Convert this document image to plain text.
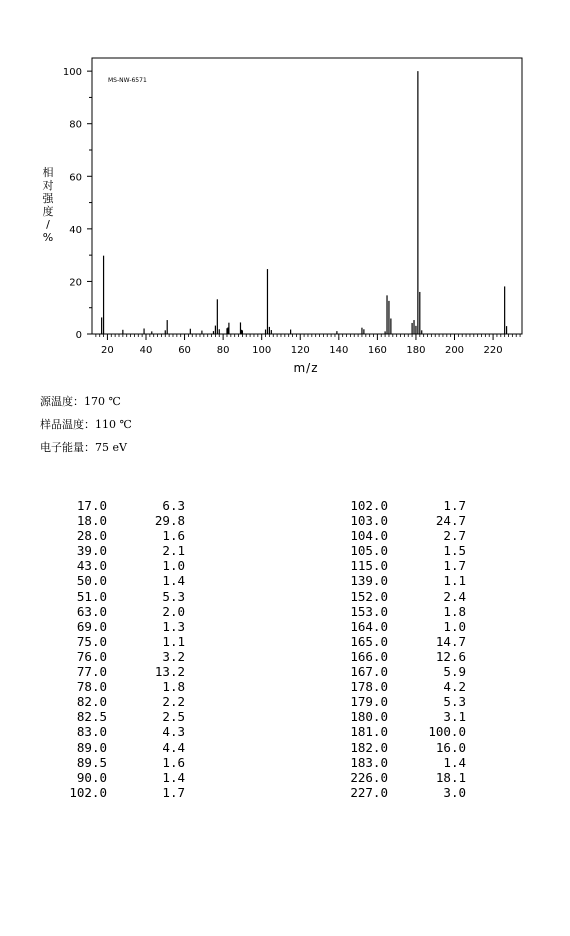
0
20
40
60
80
100
20	40	60	80 100 120 140 160 180 200 220
MS-NW-6571
m/z
相对强度/ %
源温度：170 ℃
样品温度：110 ℃
电子能量：75 eV
17.0	6.3
18.0	29.8
28.0	1.6
39.0	2.1
43.0	1.0
50.0	1.4
51.0	5.3
63.0	2.0
69.0	1.3
75.0	1.1
76.0	3.2
77.0	13.2
78.0	1.8
82.0	2.2
82.5	2.5
83.0	4.3
89.0	4.4
89.5	1.6
90.0	1.4
102.0	1.7
102.0	1.7
103.0	24.7
104.0	2.7
105.0	1.5
115.0	1.7
139.0	1.1
152.0	2.4
153.0	1.8
164.0	1.0
165.0	14.7
166.0	12.6
167.0	5.9
178.0	4.2
179.0	5.3
180.0	3.1
181.0	100.0
182.0	16.0
183.0	1.4
226.0	18.1
227.0	3.0
